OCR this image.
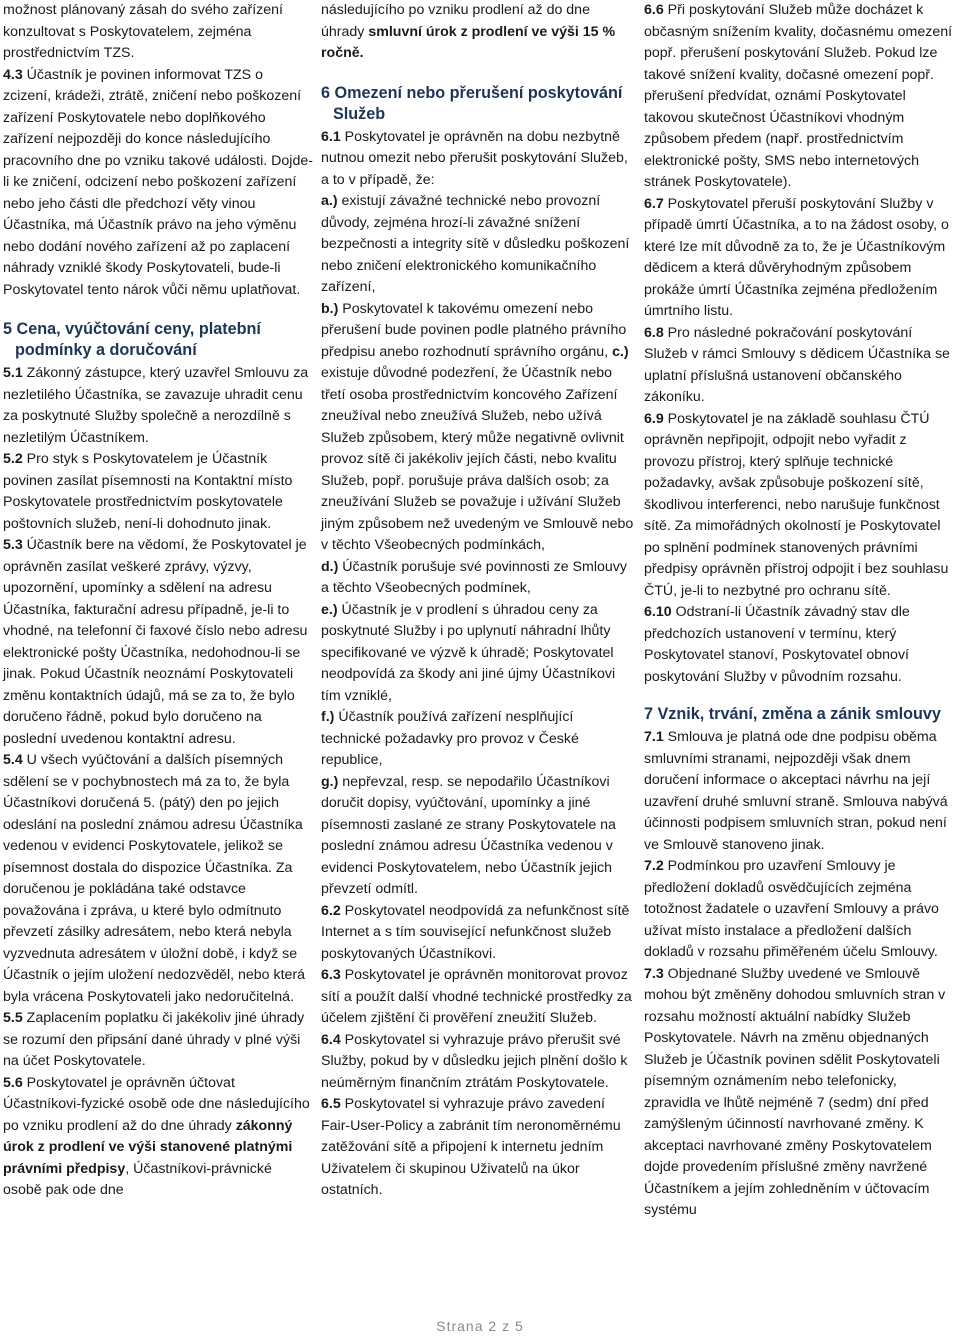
možnost plánovaný zásah do svého zařízení konzultovat s Poskytovatelem, zejména prostřednictvím TZS.

4.3 Účastník je povinen informovat TZS o zcizení, krádeži, ztrátě, zničení nebo poškození zařízení Poskytovatele nebo doplňkového zařízení nejpozději do konce následujícího pracovního dne po vzniku takové události. Dojde-li ke zničení, odcizení nebo poškození zařízení nebo jeho části dle předchozí věty vinou Účastníka, má Účastník právo na jeho výměnu nebo dodání nového zařízení až po zaplacení náhrady vzniklé škody Poskytovateli, bude-li Poskytovatel tento nárok vůči němu uplatňovat.

5 Cena, vyúčtování ceny, platební
podmínky a doručování

5.1 Zákonný zástupce, který uzavřel Smlouvu za nezletilého Účastníka, se zavazuje uhradit cenu za poskytnuté Služby společně a nerozdílně s nezletilým Účastníkem.

5.2 Pro styk s Poskytovatelem je Účastník povinen zasílat písemnosti na Kontaktní místo Poskytovatele prostřednictvím poskytovatele poštovních služeb, není-li dohodnuto jinak.

5.3 Účastník bere na vědomí, že Poskytovatel je oprávněn zasílat veškeré zprávy, výzvy, upozornění, upomínky a sdělení na adresu Účastníka, fakturační adresu případně, je-li to vhodné, na telefonní či faxové číslo nebo adresu elektronické pošty Účastníka, nedohodnou-li se jinak. Pokud Účastník neoznámí Poskytovateli změnu kontaktních údajů, má se za to, že bylo doručeno řádně, pokud bylo doručeno na poslední uvedenou kontaktní adresu.

5.4 U všech vyúčtování a dalších písemných sdělení se v pochybnostech má za to, že byla Účastníkovi doručená 5. (pátý) den po jejich odeslání na poslední známou adresu Účastníka vedenou v evidenci Poskytovatele, jelikož se písemnost dostala do dispozice Účastníka. Za doručenou je pokládána také odstavce považována i zpráva, u které bylo odmítnuto převzetí zásilky adresátem, nebo která nebyla vyzvednuta adresátem v úložní době, i když se Účastník o jejím uložení nedozvěděl, nebo která byla vrácena Poskytovateli jako nedoručitelná.

5.5 Zaplacením poplatku či jakékoliv jiné úhrady se rozumí den připsání dané úhrady v plné výši na účet Poskytovatele.

5.6 Poskytovatel je oprávněn účtovat Účastníkovi-fyzické osobě ode dne následujícího po vzniku prodlení až do dne úhrady zákonný úrok z prodlení ve výši stanovené platnými právními předpisy, Účastníkovi-právnické osobě pak ode dne

následujícího po vzniku prodlení až do dne úhrady smluvní úrok z prodlení ve výši 15 % ročně.

6 Omezení nebo přerušení poskytování
Služeb

6.1 Poskytovatel je oprávněn na dobu nezbytně nutnou omezit nebo přerušit poskytování Služeb, a to v případě, že:

a.) existují závažné technické nebo provozní důvody, zejména hrozí-li závažné snížení bezpečnosti a integrity sítě v důsledku poškození nebo zničení elektronického komunikačního zařízení,

b.) Poskytovatel k takovému omezení nebo přerušení bude povinen podle platného právního předpisu anebo rozhodnutí správního orgánu, c.) existuje důvodné podezření, že Účastník nebo třetí osoba prostřednictvím koncového Zařízení zneužíval nebo zneužívá Služeb, nebo užívá Služeb způsobem, který může negativně ovlivnit provoz sítě či jakékoliv jejích části, nebo kvalitu Služeb, popř. porušuje práva dalších osob; za zneužívání Služeb se považuje i užívání Služeb jiným způsobem než uvedeným ve Smlouvě nebo v těchto Všeobecných podmínkách,

d.) Účastník porušuje své povinnosti ze Smlouvy a těchto Všeobecných podmínek,

e.) Účastník je v prodlení s úhradou ceny za poskytnuté Služby i po uplynutí náhradní lhůty specifikované ve výzvě k úhradě; Poskytovatel neodpovídá za škody ani jiné újmy Účastníkovi tím vzniklé,

f.) Účastník používá zařízení nesplňující technické požadavky pro provoz v České republice,

g.) nepřevzal, resp. se nepodařilo Účastníkovi doručit dopisy, vyúčtování, upomínky a jiné písemnosti zaslané ze strany Poskytovatele na poslední známou adresu Účastníka vedenou v evidenci Poskytovatelem, nebo Účastník jejich převzetí odmítl.

6.2 Poskytovatel neodpovídá za nefunkčnost sítě Internet a s tím související nefunkčnost služeb poskytovaných Účastníkovi.

6.3 Poskytovatel je oprávněn monitorovat provoz sítí a použít další vhodné technické prostředky za účelem zjištění či prověření zneužití Služeb.

6.4 Poskytovatel si vyhrazuje právo přerušit své Služby, pokud by v důsledku jejich plnění došlo k neúměrným finančním ztrátám Poskytovatele.

6.5 Poskytovatel si vyhrazuje právo zavedení Fair-User-Policy a zabránit tím neronoměrnému zatěžování sítě a připojení k internetu jedním Uživatelem či skupinou Uživatelů na úkor ostatních.

6.6 Při poskytování Služeb může docházet k občasným snížením kvality, dočasnému omezení popř. přerušení poskytování Služeb. Pokud lze takové snížení kvality, dočasné omezení popř. přerušení předvídat, oznámí Poskytovatel takovou skutečnost Účastníkovi vhodným způsobem předem (např. prostřednictvím elektronické pošty, SMS nebo internetových stránek Poskytovatele).

6.7 Poskytovatel přeruší poskytování Služby v případě úmrtí Účastníka, a to na žádost osoby, o které lze mít důvodně za to, že je Účastníkovým dědicem a která důvěryhodným způsobem prokáže úmrtí Účastníka zejména předložením úmrtního listu.

6.8 Pro následné pokračování poskytování Služeb v rámci Smlouvy s dědicem Účastníka se uplatní příslušná ustanovení občanského zákoníku.

6.9 Poskytovatel je na základě souhlasu ČTÚ oprávněn nepřipojit, odpojit nebo vyřadit z provozu přístroj, který splňuje technické požadavky, avšak způsobuje poškození sítě, škodlivou interferenci, nebo narušuje funkčnost sítě. Za mimořádných okolností je Poskytovatel po splnění podmínek stanovených právními předpisy oprávněn přístroj odpojit i bez souhlasu ČTÚ, je-li to nezbytné pro ochranu sítě.

6.10 Odstraní-li Účastník závadný stav dle předchozích ustanovení v termínu, který Poskytovatel stanoví, Poskytovatel obnoví poskytování Služby v původním rozsahu.

7 Vznik, trvání, změna a zánik smlouvy

7.1 Smlouva je platná ode dne podpisu oběma smluvními stranami, nejpozději však dnem doručení informace o akceptaci návrhu na její uzavření druhé smluvní straně. Smlouva nabývá účinnosti podpisem smluvních stran, pokud není ve Smlouvě stanoveno jinak.

7.2 Podmínkou pro uzavření Smlouvy je předložení dokladů osvědčujících zejména totožnost žadatele o uzavření Smlouvy a právo užívat místo instalace a předložení dalších dokladů v rozsahu přiměřeném účelu Smlouvy.

7.3 Objednané Služby uvedené ve Smlouvě mohou být změněny dohodou smluvních stran v rozsahu možností aktuální nabídky Služeb Poskytovatele. Návrh na změnu objednaných Služeb je Účastník povinen sdělit Poskytovateli písemným oznámením nebo telefonicky, zpravidla ve lhůtě nejméně 7 (sedm) dní před zamýšleným účinností navrhované změny. K akceptaci navrhované změny Poskytovatelem dojde provedením příslušné změny navržené Účastníkem a jejím zohledněním v účtovacím systému

Strana 2 z 5
